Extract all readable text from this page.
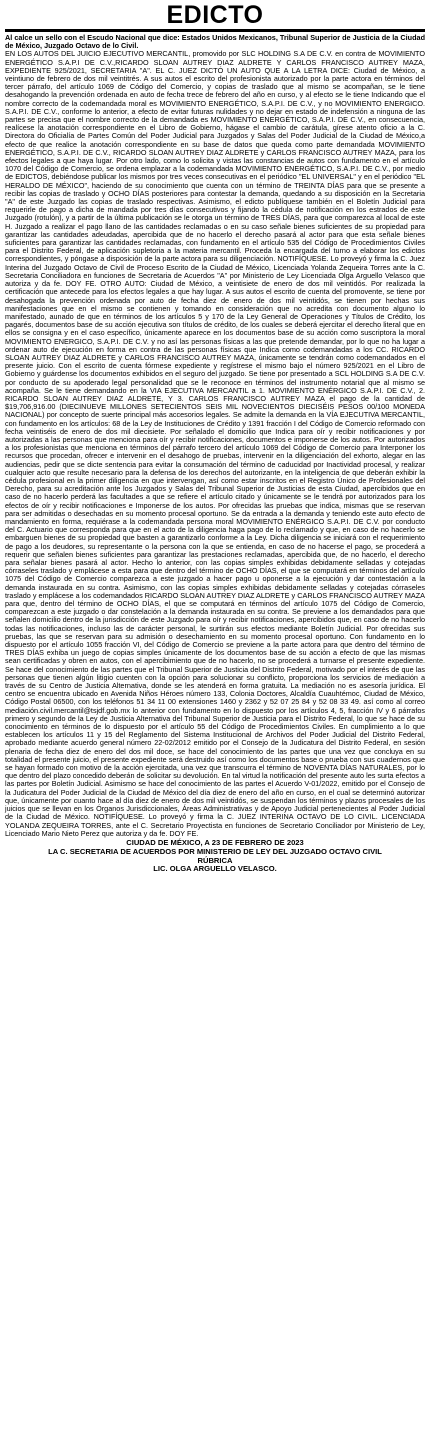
EDICTO
Al calce un sello con el Escudo Nacional que dice: Estados Unidos Mexicanos, Tribunal Superior de Justicia de la Ciudad de México, Juzgado Octavo de lo Civil.
EN LOS AUTOS DEL JUICIO EJECUTIVO MERCANTIL, promovido por SLC HOLDING S.A DE C.V. en contra de MOVIMIENTO ENERGÉTICO S.A.P.I DE C.V.,RICARDO SLOAN AUTREY DIAZ ALDRETE Y CARLOS FRANCISCO AUTREY MAZA, EXPEDIENTE 925/2021, SECRETARIA "A". EL C. JUEZ DICTÓ UN AUTO QUE A LA LETRA DICE: Ciudad de México, a veintiuno de febrero de dos mil veintitrés. A sus autos el escrito del profesionista autorizado por la parte actora en términos del tercer párrafo, del artículo 1069 de Código del Comercio, y copias de traslado que al mismo se acompañan, se le tiene desahogando la prevención ordenada en auto de fecha trece de febrero del año en curso, y al efecto se le tiene Indicando que el nombre correcto de la codemandada moral es MOVIMIENTO ENERGÉTICO, S.A.P.I. DE C.V., y no MOVIMIENTO ENERGICO. S.A.P.I. DE C.V., conforme lo anterior, a efecto de evitar futuras nulidades y no dejar en estado de indefensión a ninguna de las partes se precisa que el nombre correcto de la demandada es MOVIMIENTO ENERGÉTICO, S.A.P.I. DE C.V., en consecuencia, realícese la anotación correspondiente en el Libro de Gobierno, hágase el cambio de carátula, gírese atento oficio a la C. Directora do Oficialía de Partes Común del Poder Judicial para Juzgados y Salas del Poder Judicial de la Ciudad de México,a efecto de que realice la anotación correspondiente en su base de datos que queda como parte demandada MOVIMIENTO ENERGÉTICO, S.A.P.I. DE C.V., RICARDO SLOAN AUTREY DIAZ ALDRETE y CARLOS FRANCISCO AUTREY MAZA, para los efectos legales a que haya lugar. Por otro lado, como lo solicita y vistas las constancias de autos con fundamento en el artículo 1070 del Código de Comercio, se ordena emplazar a la codemandada MOVIMIENTO ENERGÉTICO, S.A.P.I. DE C.V., por medio de EDICTOS, debiéndose publicar los mismos por tres veces consecutivas en el periódico "EL UNIVERSAL" y en el periódico "EL HERALDO DE MÉXICO", haciendo de su conocimiento que cuenta con un término de TREINTA DÍAS para que se presente a recibir las copias de traslado y OCHO DÍAS posteriores para contestar la demanda, quedando a su disposición en la Secretaria "A" de este Juzgado las copias de traslado respectivas. Asimismo, el edicto publíquese también en el Boletín Judicial para requerirle de pago a dicha de mandada por tres días consecutivos y fijando la cédula de notificación en los estrados de este Juzgado (rotulón), y a partir de la última publicación se le otorga un término de TRES DÍAS, para que comparezca al local de este H. Juzgado a realizar el pago llano de las cantidades reclamadas o en su caso señale bienes suficientes de su propiedad para garantizar las cantidades adeudadas, apercibida que de no hacerlo el derecho pasará al actor para que esta señale bienes suficientes para garantizar las cantidades reclamadas, con fundamento en el artículo 535 del Código de Procedimientos Civiles para el Distrito Federal, de aplicación supletoria a la materia mercantil. Proceda la encargada del turno a elaborar los edictos correspondientes, y póngase a disposición de la parte actora para su diligenciación. NOTIFÍQUESE. Lo proveyó y firma la C. Juez Interina del Juzgado Octavo de Civil de Proceso Escrito de la Ciudad de México, Licenciada Yolanda Zequeira Torres ante la C. Secretaria Conciliadora en funciones de Secretaria de Acuerdos "A" por Ministerio de Ley Licenciada Olga Arguello Velasco que autoriza y da fe. DOY FE. OTRO AUTO: Ciudad de México, a veintisiete de enero de dos mil veintidós. Por realizada la certificación que antecede para los efectos legales a que hay lugar. A sus autos el escrito de cuenta del promovente, se tiene por desahogada la prevención ordenada por auto de fecha diez de enero de dos mil veintidós, se tienen por hechas sus manifestaciones que en el mismo se contienen y tomando en consideración que no acredita con documento alguno lo manifestado, aunado de que en términos de los artículos 5 y 170 de la Ley General de Operaciones y Títulos de Crédito, los pagarés, documentos base de su acción ejecutiva son títulos de crédito, de los cuales se deberá ejercitar el derecho literal que en ellos se consigna y en el caso específico, únicamente aparece en los documentos base de su acción como suscriptora la moral MOVIMIENTO ENERGICO, S.A.P.I. DE C.V. y no así las personas físicas a las que pretende demandar, por lo que no ha lugar a ordenar auto de ejecución en forma en contra de las personas físicas que Indica como codemandadas a los CC. RICARDO SLOAN AUTREY DIAZ ALDRETE y CARLOS FRANCISCO AUTREY MAZA, únicamente se tendrán como codemandados en el presente juicio. Con el escrito de cuenta fórmese expediente y regístrese el mismo bajo el número 925/2021 en el Libro de Gobierno y guárdense los documentos exhibidos en el seguro del juzgado. Se tiene por presentado a SCL HOLDING S.A DE C.V. por conducto de su apoderado legal personalidad que se le reconoce en términos del instrumento notarial que al mismo se acompaña. Se le tiene demandando en la VIA EJECUTIVA MERCANTIL a 1. MOVIMIENTO ENÉRGICO S.A.P.I. DE C.V., 2. RICARDO SLOAN AUTREY DIAZ ALDRETE, Y 3. CARLOS FRANCISCO AUTREY MAZA el pago de la cantidad de $19,706,916.00 (DIECINUEVE MILLONES SETECIENTOS SEIS MIL NOVECIENTOS DIECISÉIS PESOS 00/100 MONEDA NACIONAL) por concepto de suerte principal más accesorios legales. Se admite la demanda en la VÍA EJECUTIVA MERCANTIL, con fundamento en los artículos: 68 de la Ley de Instituciones de Crédito y 1391 fracción I del Código de Comercio reformado con fecha veintiséis de enero de dos mil diecisiete. Por señalado el domicilio que Indica para oír y recibir notificaciones y por autorizadas a las personas que menciona para oír y recibir notificaciones, documentos e imponerse de los autos. Por autorizados a los profesionistas que menciona en términos del párrafo tercero del artículo 1069 del Código de Comercio para Interponer los recursos que procedan, ofrecer e intervenir en el desahogo de pruebas, intervenir en la diligenciación del exhorto, alegar en las audiencias, pedir que se dicte sentencia para evitar la consumación del término de caducidad por Inactividad procesal, y realizar cualquier acto que resulte necesario para la defensa de los derechos del autorizante, en la inteligencia de que deberán exhibir la cédula profesional en la primer diligencia en que intervengan, así como estar inscritos en el Registro Único de Profesionales del Derecho, para su acreditación ante los Juzgados y Salas del Tribunal Superior de Justicias de esta Ciudad, apercibidos que en caso de no hacerlo perderá las facultades a que se refiere el artículo citado y únicamente se le tendrá por autorizados para los efectos de oír y recibir notificaciones e Imponerse de los autos. Por ofrecidas las pruebas que indica, mismas que se reservan para ser admitidas o desechadas en su momento procesal oportuno. Se da entrada a la demanda y teniendo este auto efecto de mandamiento en forma, requiérase a la codemandada persona moral MOVIMIENTO ENÉRGICO S.A.P.I. DE C.V. por conducto del C. Actuario que corresponda para que en el acto de la diligencia haga pago de lo reclamado y que, en caso de no hacerlo se embarguen bienes de su propiedad que basten a garantizarlo conforme a la Ley. Dicha diligencia se iniciará con el requerimiento de pago a los deudores, su representante o la persona con la que se entienda, en caso de no hacerse el pago, se procederá a requerir que señalen bienes suficientes para garantizar las prestaciones reclamadas, apercibida que, de no hacerlo, el derecho para señalar bienes pasará al actor. Hecho lo anterior, con las copias simples exhibidas debidamente selladas y cotejadas córraseles traslado y emplácese a esta para que dentro del término de OCHO DÍAS, el que se computará en términos del artículo 1075 del Código de Comercio comparezca a este juzgado a hacer pago u oponerse a la ejecución y dar contestación a la demanda instaurada en su contra. Asimismo, con las copias simples exhibidas debidamente selladas y cotejadas córraseles traslado y emplácese a los codemandados RICARDO SLOAN AUTREY DIAZ ALDRETE y CARLOS FRANCISCO AUTREY MAZA para que, dentro del término de OCHO DÍAS, el que se computará en términos del artículo 1075 del Código de Comercio, comparezcan a este juzgado o dar constelación a la demanda instaurada en su contra. Se previene a los demandados para que señalen domicilio dentro de la jurisdicción de este Juzgado para oír y recibir notificaciones, apercibidos que, en caso de no hacerlo todas las notificaciones, incluso las de carácter personal, le surtirán sus efectos mediante Boletín Judicial. Por ofrecidas sus pruebas, las que se reservan para su admisión o desechamiento en su momento procesal oportuno. Con fundamento en lo dispuesto por el artículo 1055 fracción VI, del Código de Comercio se previene a la parte actora para que dentro del término de TRES DÍAS exhiba un juego de copias simples únicamente de los documentos base de su acción a efecto de que las mismas sean certificadas y obren en autos, con el apercibimiento que de no hacerlo, no se procederá a turnarse el presente expediente. Se hace del conocimiento de las partes que el Tribunal Superior de Justicia del Distrito Federal, motivado por el interés de que las personas que tienen algún litigio cuenten con la opción para solucionar su conflicto, proporciona los servicios de mediación a través de su Centro de Justicia Alternativa, donde se les atenderá en forma gratuita. La mediación no es asesoría jurídica. El centro se encuentra ubicado en Avenida Niños Héroes número 133, Colonia Doctores, Alcaldía Cuauhtémoc, Ciudad de México, Código Postal 06500, con los teléfonos 51 34 11 00 extensiones 1460 y 2362 y 52 07 25 84 y 52 08 33 49. así como al correo mediación.civil.mercantil@tsjdf.gob.mx lo anterior con fundamento en lo dispuesto por los artículos 4, 5, fracción IV y 6 párrafos primero y segundo de la Ley de Justicia Alternativa del Tribunal Superior de Justicia para el Distrito Federal, lo que se hace de su conocimiento en términos de lo dispuesto por el artículo 55 del Código de Procedimientos Civiles. En cumplimiento a lo que establecen los artículos 11 y 15 del Reglamento del Sistema Institucional de Archivos del Poder Judicial del Distrito Federal, aprobado mediante acuerdo general número 22-02/2012 emitido por el Consejo de la Judicatura del Distrito Federal, en sesión plenaria de fecha diez de enero del dos mil doce, se hace del conocimiento de las partes que una vez que concluya en su totalidad el presente juicio, el presente expediente será destruido así como los documentos base o prueba con sus cuadernos que se hayan formado con motivo de la acción ejercitada, una vez que transcurra el término de NOVENTA DÍAS NATURALES, por lo que dentro del plazo concedido deberán de solicitar su devolución. En tal virtud la notificación del presente auto les surta efectos a las partes por Boletín Judicial. Asimismo se hace del conocimiento de las partes el Acuerdo V-01/2022, emitido por el Consejo de la Judicatura del Poder Judicial de la Ciudad de México del día diez de enero del año en curso, en el cual se determinó autorizar que, únicamente por cuanto hace al día diez de enero de dos mil veintidós, se suspendan los términos y plazos procesales de los juicios que se llevan en los Órganos Jurisdiccionales, Áreas Administrativas y de Apoyo Judicial pertenecientes al Poder Judicial de la Ciudad de México. NOTIFÍQUESE. Lo proveyó y firma la C. JUEZ INTERINA OCTAVO DE LO CIVIL. LICENCIADA YOLANDA ZEQUEIRA TORRES, ante el C. Secretario Proyectista en funciones de Secretario Conciliador por Ministerio de Ley, Licenciado Mario Nieto Perez que autoriza y da fe. DOY FE.
CIUDAD DE MÉXICO, A 23 DE FEBRERO DE 2023
LA C. SECRETARIA DE ACUERDOS POR MINISTERIO DE LEY DEL JUZGADO OCTAVO CIVIL
RÚBRICA
LIC. OLGA ARGUELLO VELASCO.
